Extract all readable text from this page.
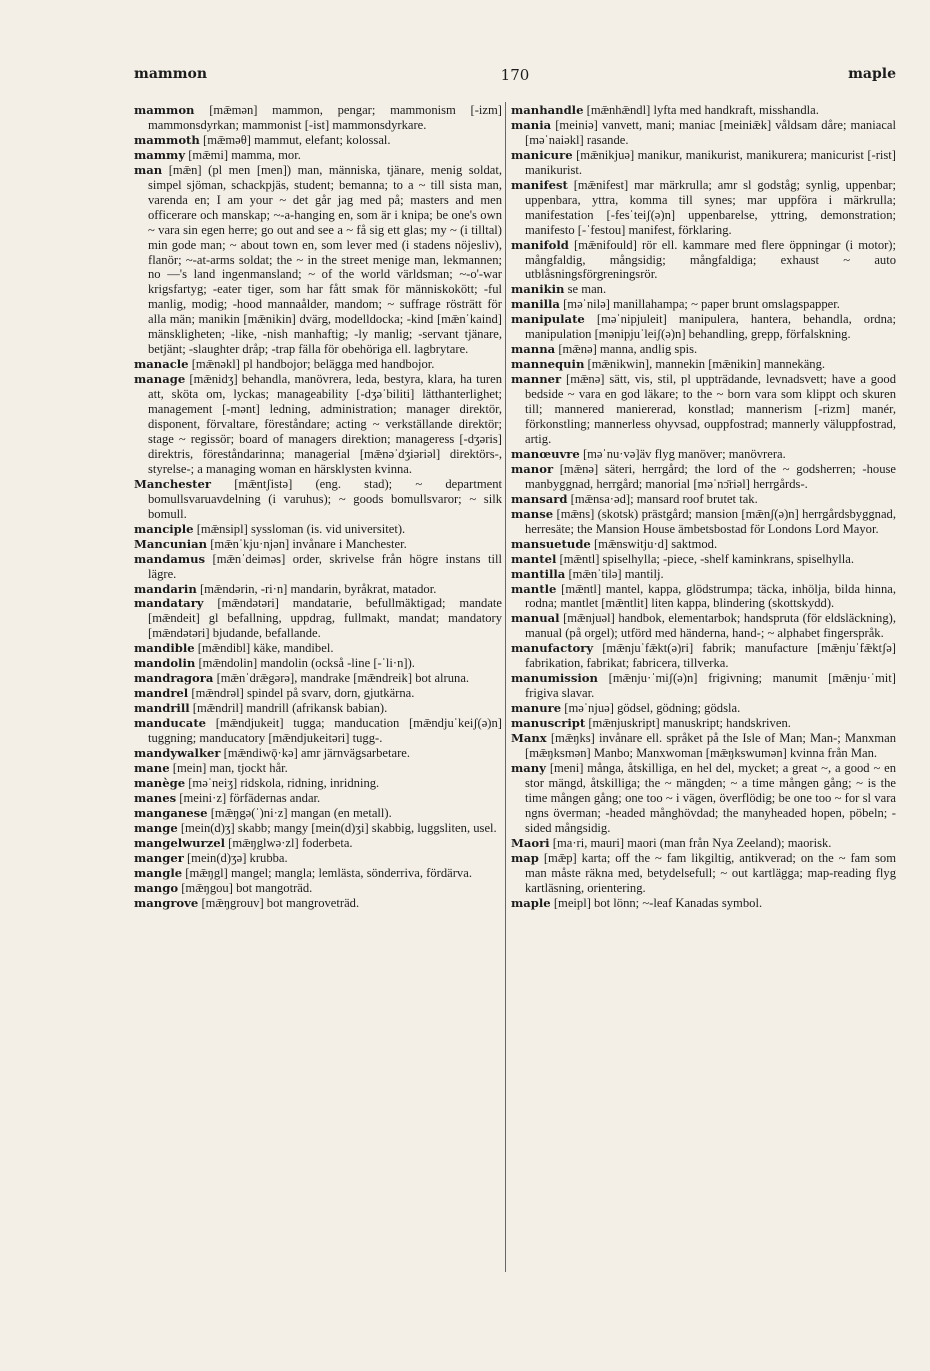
mammon	170	maple

mammon [mǣmən] mammon, pengar; mammonism [-izm] mammonsdyrkan; mammonist [-ist] mammonsdyrkare.

mammoth [mǣməθ] mammut, elefant; kolossal.

mammy [mǣmi] mamma, mor.

man [mǣn] (pl men [men]) man, människa, tjänare, menig soldat, simpel sjöman, schackpjäs, student; bemanna; to a ~ till sista man, varenda en; I am your ~ det går jag med på; masters and men officerare och manskap; ~-a-hanging en, som är i knipa; be one's own ~ vara sin egen herre; go out and see a ~ få sig ett glas; my ~ (i tilltal) min gode man; ~ about town en, som lever med (i stadens nöjesliv), flanör; ~-at-arms soldat; the ~ in the street menige man, lekmannen; no —'s land ingenmansland; ~ of the world världsman; ~-o'-war krigsfartyg; -eater tiger, som har fått smak för människokött; -ful manlig, modig; -hood mannaålder, mandom; ~ suffrage rösträtt för alla män; manikin [mǣnikin] dvärg, modelldocka; -kind [mǣnˈkaind] mänskligheten; -like, -nish manhaftig; -ly manlig; -servant tjänare, betjänt; -slaughter dråp; -trap fälla för obehöriga ell. lagbrytare.

manacle [mǣnəkl] pl handbojor; belägga med handbojor.

manage [mǣnidʒ] behandla, manövrera, leda, bestyra, klara, ha turen att, sköta om, lyckas; manageability [-dʒəˈbiliti] lätthanterlighet; management [-mənt] ledning, administration; manager direktör, disponent, förvaltare, föreståndare; acting ~ verkställande direktör; stage ~ regissör; board of managers direktion; manageress [-dʒəris] direktris, föreståndarinna; managerial [mǣnəˈdʒiəriəl] direktörs-, styrelse-; a managing woman en härsklysten kvinna.

Manchester [mǣntʃistə] (eng. stad); ~ department bomullsvaruavdelning (i varuhus); ~ goods bomullsvaror; ~ silk bomull.

manciple [mǣnsipl] syssloman (is. vid universitet).

Mancunian [mǣnˈkju·njən] invånare i Manchester.

mandamus [mǣnˈdeiməs] order, skrivelse från högre instans till lägre.

mandarin [mǣndərin, -ri·n] mandarin, byråkrat, matador.

mandatary [mǣndətəri] mandatarie, befullmäktigad; mandate [mǣndeit] gl befallning, uppdrag, fullmakt, mandat; mandatory [mǣndətəri] bjudande, befallande.

mandible [mǣndibl] käke, mandibel.

mandolin [mǣndolin] mandolin (också -line [-ˈli·n]).

mandragora [mǣnˈdrǣgərə], mandrake [mǣndreik] bot alruna.

mandrel [mǣndrəl] spindel på svarv, dorn, gjutkärna.

mandrill [mǣndril] mandrill (afrikansk babian).

manducate [mǣndjukeit] tugga; manducation [mǣndjuˈkeiʃ(ə)n] tuggning; manducatory [mǣndjukeitəri] tugg-.

mandywalker [mǣndiwǭ·kə] amr järnvägsarbetare.

mane [mein] man, tjockt hår.

manège [məˈneiʒ] ridskola, ridning, inridning.

manes [meini·z] förfädernas andar.

manganese [mǣŋgə(ˈ)ni·z] mangan (en metall).

mange [mein(d)ʒ] skabb; mangy [mein(d)ʒi] skabbig, luggsliten, usel.

mangelwurzel [mǣŋglwə·zl] foderbeta.

manger [mein(d)ʒə] krubba.

mangle [mǣŋgl] mangel; mangla; lemlästa, sönderriva, fördärva.

mango [mǣŋgou] bot mangoträd.

mangrove [mǣŋgrouv] bot mangroveträd.

manhandle [mǣnhǣndl] lyfta med handkraft, misshandla.

mania [meiniə] vanvett, mani; maniac [meiniǣk] våldsam dåre; maniacal [məˈnaiəkl] rasande.

manicure [mǣnikjuə] manikur, manikurist, manikurera; manicurist [-rist] manikurist.

manifest [mǣnifest] mar märkrulla; amr sl godståg; synlig, uppenbar; uppenbara, yttra, komma till synes; mar uppföra i märkrulla; manifestation [-fesˈteiʃ(ə)n] uppenbarelse, yttring, demonstration; manifesto [-ˈfestou] manifest, förklaring.

manifold [mǣnifould] rör ell. kammare med flere öppningar (i motor); mångfaldig, mångsidig; mångfaldiga; exhaust ~ auto utblåsningsförgreningsrör.

manikin se man.

manilla [məˈnilə] manillahampa; ~ paper brunt omslagspapper.

manipulate [məˈnipjuleit] manipulera, hantera, behandla, ordna; manipulation [mənipjuˈleiʃ(ə)n] behandling, grepp, förfalskning.

manna [mǣnə] manna, andlig spis.

mannequin [mǣnikwin], mannekin [mǣnikin] mannekäng.

manner [mǣnə] sätt, vis, stil, pl uppträdande, levnadsvett; have a good bedside ~ vara en god läkare; to the ~ born vara som klippt och skuren till; mannered maniererad, konstlad; mannerism [-rizm] manér, förkonstling; mannerless ohyvsad, ouppfostrad; mannerly väluppfostrad, artig.

manœuvre [məˈnu·və]äv flyg manöver; manövrera.

manor [mǣnə] säteri, herrgård; the lord of the ~ godsherren; -house manbyggnad, herrgård; manorial [məˈnɔ̄riəl] herrgårds-.

mansard [mǣnsa·əd]; mansard roof brutet tak.

manse [mǣns] (skotsk) prästgård; mansion [mǣnʃ(ə)n] herrgårdsbyggnad, herresäte; the Mansion House ämbetsbostad för Londons Lord Mayor.

mansuetude [mǣnswitju·d] saktmod.

mantel [mǣntl] spiselhylla; -piece, -shelf kaminkrans, spiselhylla.

mantilla [mǣnˈtilə] mantilj.

mantle [mǣntl] mantel, kappa, glödstrumpa; täcka, inhölja, bilda hinna, rodna; mantlet [mǣntlit] liten kappa, blindering (skottskydd).

manual [mǣnjuəl] handbok, elementarbok; handspruta (för eldsläckning), manual (på orgel); utförd med händerna, hand-; ~ alphabet fingerspråk.

manufactory [mǣnjuˈfǣkt(ə)ri] fabrik; manufacture [mǣnjuˈfǣktʃə] fabrikation, fabrikat; fabricera, tillverka.

manumission [mǣnju·ˈmiʃ(ə)n] frigivning; manumit [mǣnju·ˈmit] frigiva slavar.

manure [məˈnjuə] gödsel, gödning; gödsla.

manuscript [mǣnjuskript] manuskript; handskriven.

Manx [mǣŋks] invånare ell. språket på the Isle of Man; Man-; Manxman [mǣŋksmən] Manbo; Manxwoman [mǣŋkswumən] kvinna från Man.

many [meni] många, åtskilliga, en hel del, mycket; a great ~, a good ~ en stor mängd, åtskilliga; the ~ mängden; ~ a time mången gång; ~ is the time mången gång; one too ~ i vägen, överflödig; be one too ~ for sl vara ngns överman; -headed månghövdad; the manyheaded hopen, pöbeln; -sided mångsidig.

Maori [ma·ri, mauri] maori (man från Nya Zeeland); maorisk.

map [mǣp] karta; off the ~ fam likgiltig, antikverad; on the ~ fam som man måste räkna med, betydelsefull; ~ out kartlägga; map-reading flyg kartläsning, orientering.

maple [meipl] bot lönn; ~-leaf Kanadas symbol.
